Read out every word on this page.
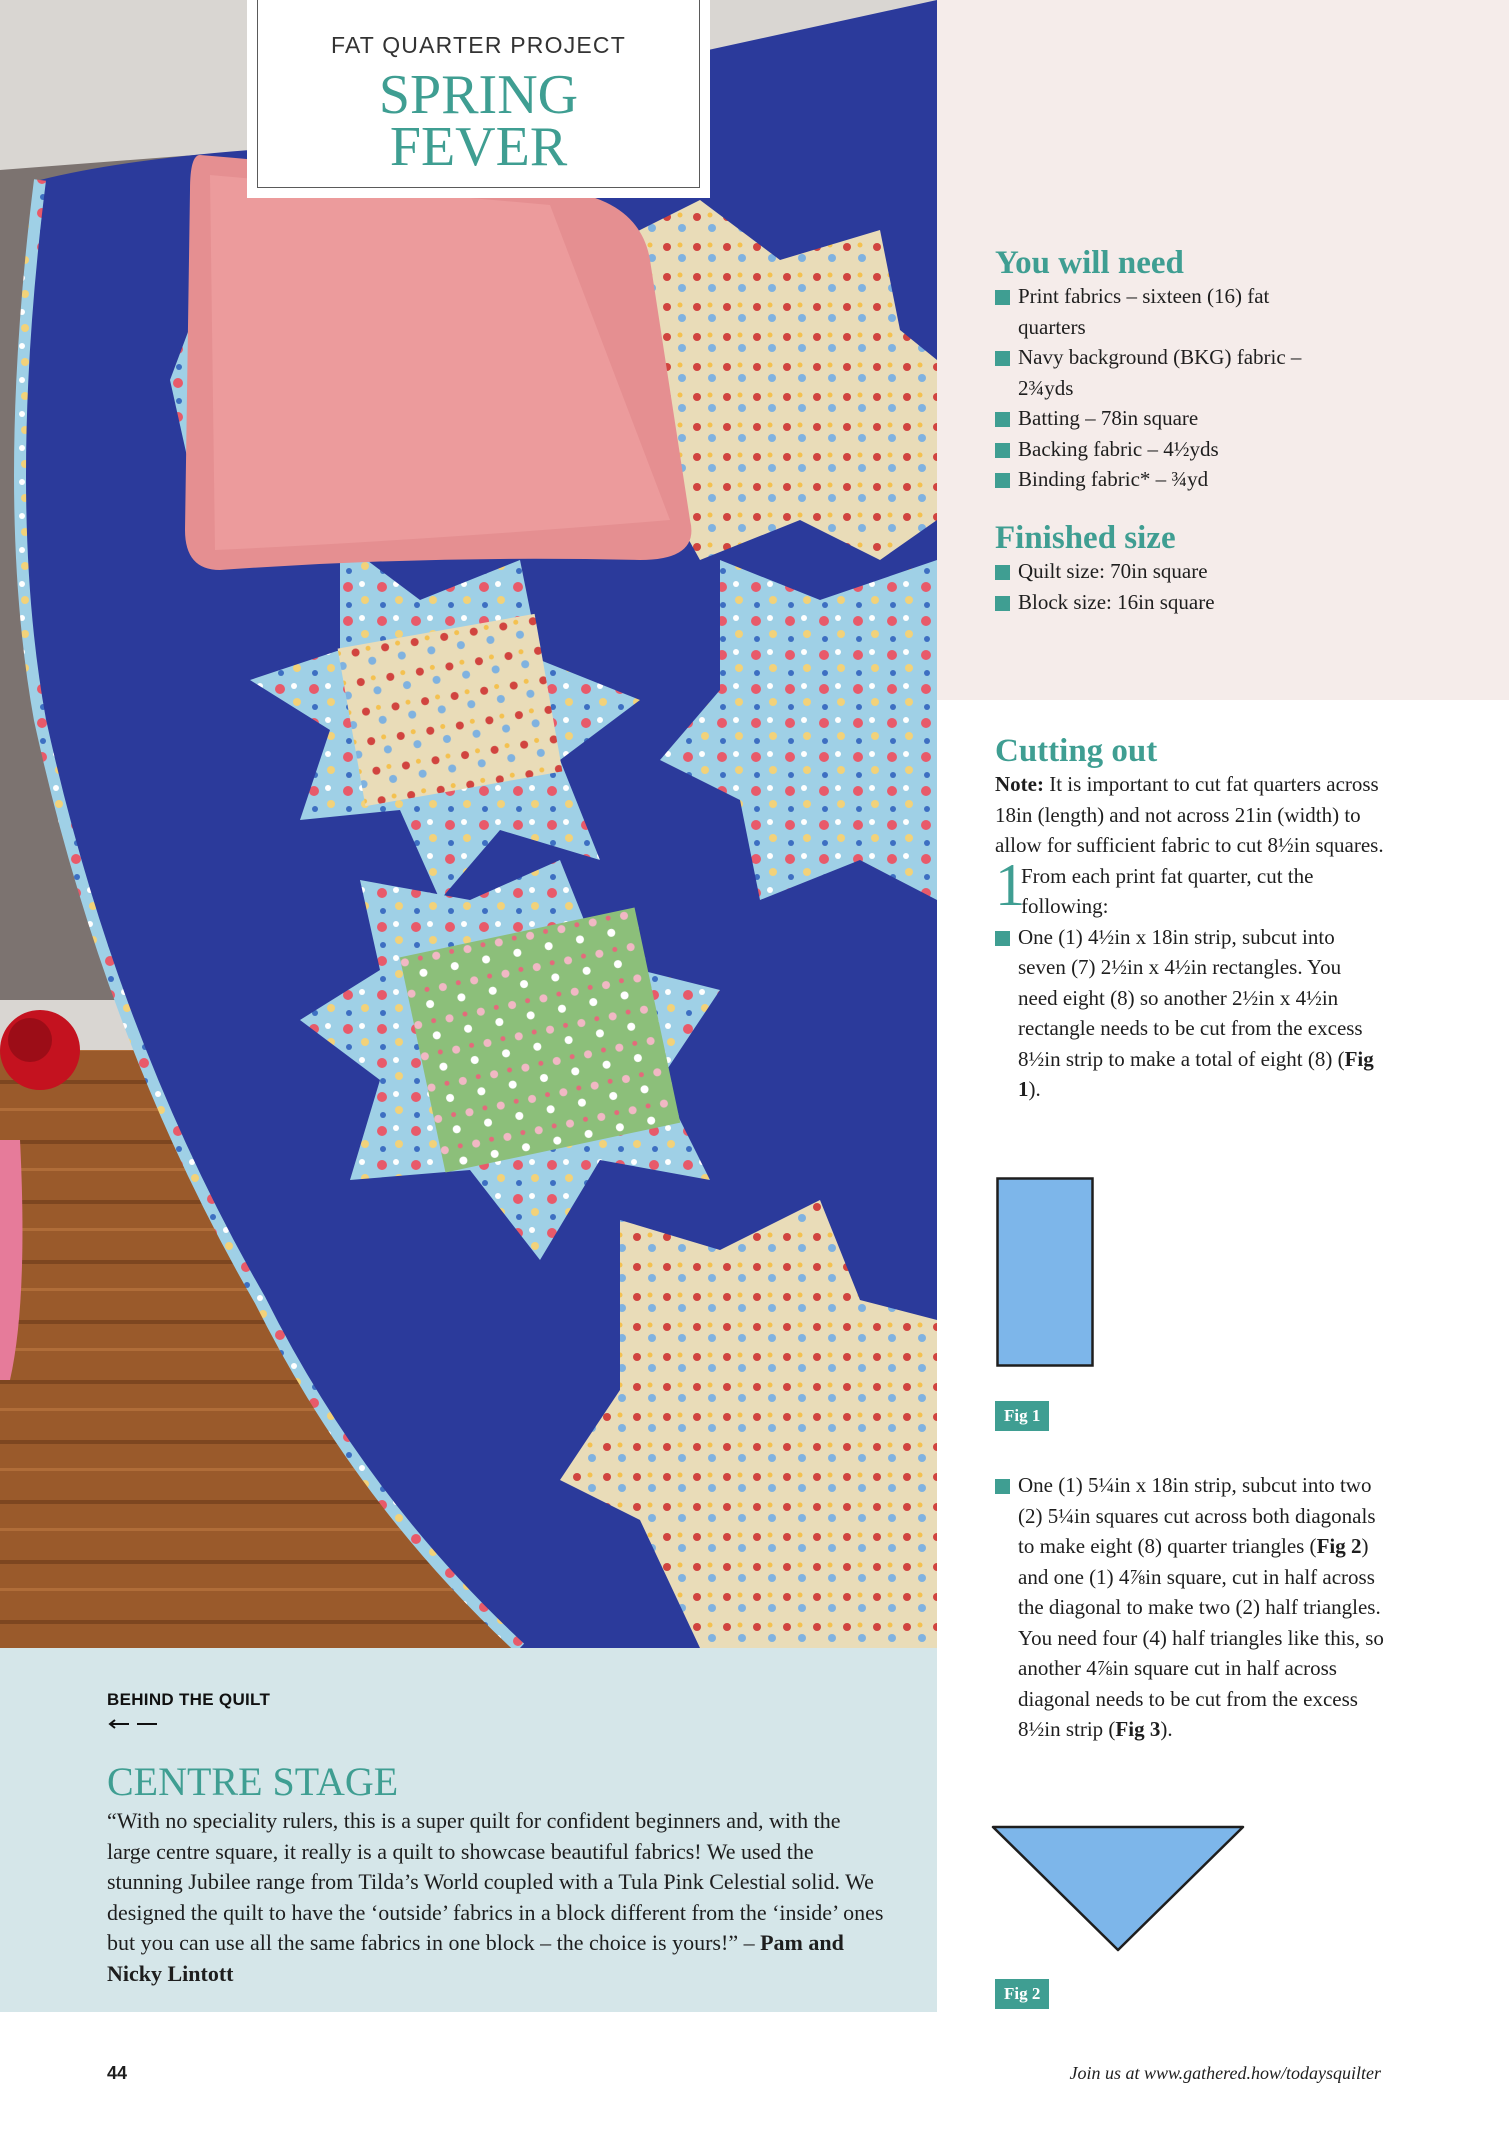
FAT QUARTER PROJECT
SPRING
FEVER
You will need
Print fabrics – sixteen (16) fat quarters
Navy background (BKG) fabric – 2¾yds
Batting – 78in square
Backing fabric – 4½yds
Binding fabric* – ¾yd
Finished size
Quilt size: 70in square
Block size: 16in square
Cutting out

Note: It is important to cut fat quarters across 18in (length) and not across 21in (width) to allow for sufficient fabric to cut 8½in squares.

1
From each print fat quarter, cut the following:
One (1) 4½in x 18in strip, subcut into seven (7) 2½in x 4½in rectangles. You need eight (8) so another 2½in x 4½in rectangle needs to be cut from the excess 8½in strip to make a total of eight (8) (Fig 1).
Fig 1
One (1) 5¼in x 18in strip, subcut into two (2) 5¼in squares cut across both diagonals to make eight (8) quarter triangles (Fig 2) and one (1) 4⅞in square, cut in half across the diagonal to make two (2) half triangles. You need four (4) half triangles like this, so another 4⅞in square cut in half across diagonal needs to be cut from the excess 8½in strip (Fig 3).
Fig 2
BEHIND THE QUILT
CENTRE STAGE
“With no speciality rulers, this is a super quilt for confident beginners and, with the large centre square, it really is a quilt to showcase beautiful fabrics! We used the stunning Jubilee range from Tilda’s World coupled with a Tula Pink Celestial solid. We designed the quilt to have the ‘outside’ fabrics in a block different from the ‘inside’ ones but you can use all the same fabrics in one block – the choice is yours!” – Pam and Nicky Lintott
44	Join us at www.gathered.how/todaysquilter
